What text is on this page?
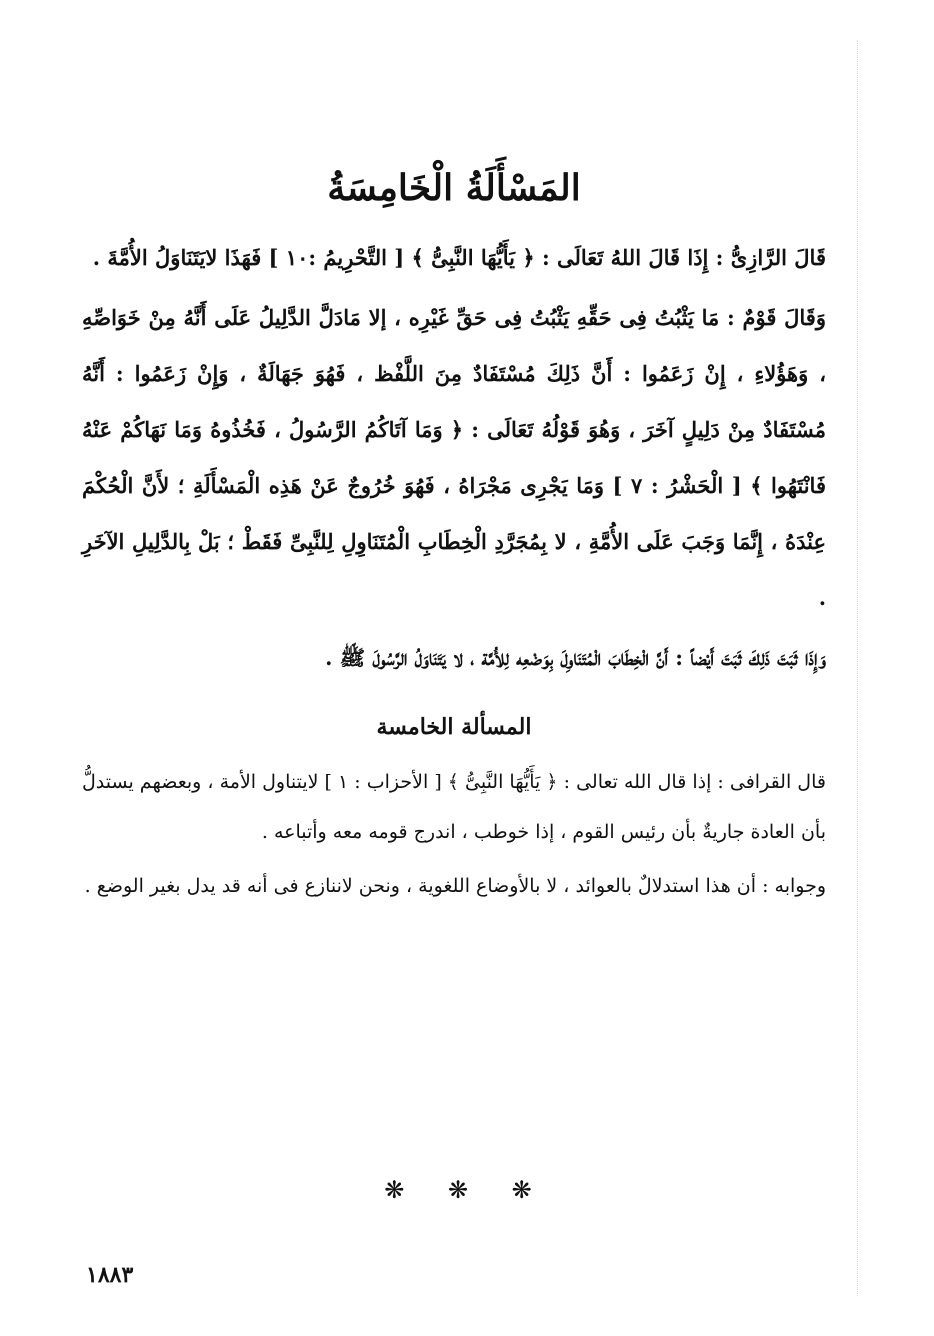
المَسْأَلَةُ الْخَامِسَةُ

قَالَ الرَّازِىُّ : إِذَا قَالَ اللهُ تَعَالَى : ﴿ يَأَيُّهَا النَّبِىُّ ﴾ [ التَّحْرِيمُ :١٠ ] فَهَذَا لايَتَنَاوَلُ الأُمَّةَ .

وَقَالَ قَوْمٌ : مَا يَثْبُتُ فِى حَقِّهِ يَثْبُتُ فِى حَقِّ غَيْرِه ، إلا مَادَلَّ الدَّلِيلُ عَلَى أَنَّهُ مِنْ خَوَاصِّهِ ، وَهَؤُلاءِ ، إِنْ زَعَمُوا : أَنَّ ذَلِكَ مُسْتَفَادٌ مِنَ اللَّفْظ ، فَهُوَ جَهَالَةٌ ، وَإِنْ زَعَمُوا : أَنَّهُ مُسْتَفَادٌ مِنْ دَلِيلٍ آخَرَ ، وَهُوَ قَوْلُهُ تَعَالَى : ﴿ وَمَا آتَاكُمُ الرَّسُولُ ، فَخُذُوهُ وَمَا نَهَاكُمْ عَنْهُ فَانْتَهُوا ﴾ [ الْحَشْرُ : ٧ ] وَمَا يَجْرِى مَجْرَاهُ ، فَهُوَ خُرُوجٌ عَنْ هَذِه الْمَسْأَلَةِ ؛ لأَنَّ الْحُكْمَ عِنْدَهُ ، إِنَّمَا وَجَبَ عَلَى الأُمَّةِ ، لا بِمُجَرَّدِ الْخِطَابِ الْمُتَنَاوِلِ لِلنَّبِىِّ فَقَطْ ؛ بَلْ بِالدَّلِيلِ الآخَرِ .

وَإِذَا ثَبَتَ ذَلِكَ ثَبَتَ أَيْضاً : أَنَّ الْخِطَابَ الْمُتَنَاوِلَ بِوَضْعِه لِلأُمَّة ، لا يَتَنَاوَلُ الرَّسُولَ ﷺ .

المسألة الخامسة

قال القرافى : إذا قال الله تعالى : ﴿ يَأَيُّهَا النَّبِىُّ ﴾ [ الأحزاب : ١ ] لايتناول الأمة ، وبعضهم يستدلُّ بأن العادة جاريةٌ بأن رئيس القوم ، إذا خوطب ، اندرج قومه معه وأتباعه .

وجوابه : أن هذا استدلالٌ بالعوائد ، لا بالأوضاع اللغوية ، ونحن لاننازع فى أنه قد يدل بغير الوضع .

❋ ❋ ❋
١٨٨٣
